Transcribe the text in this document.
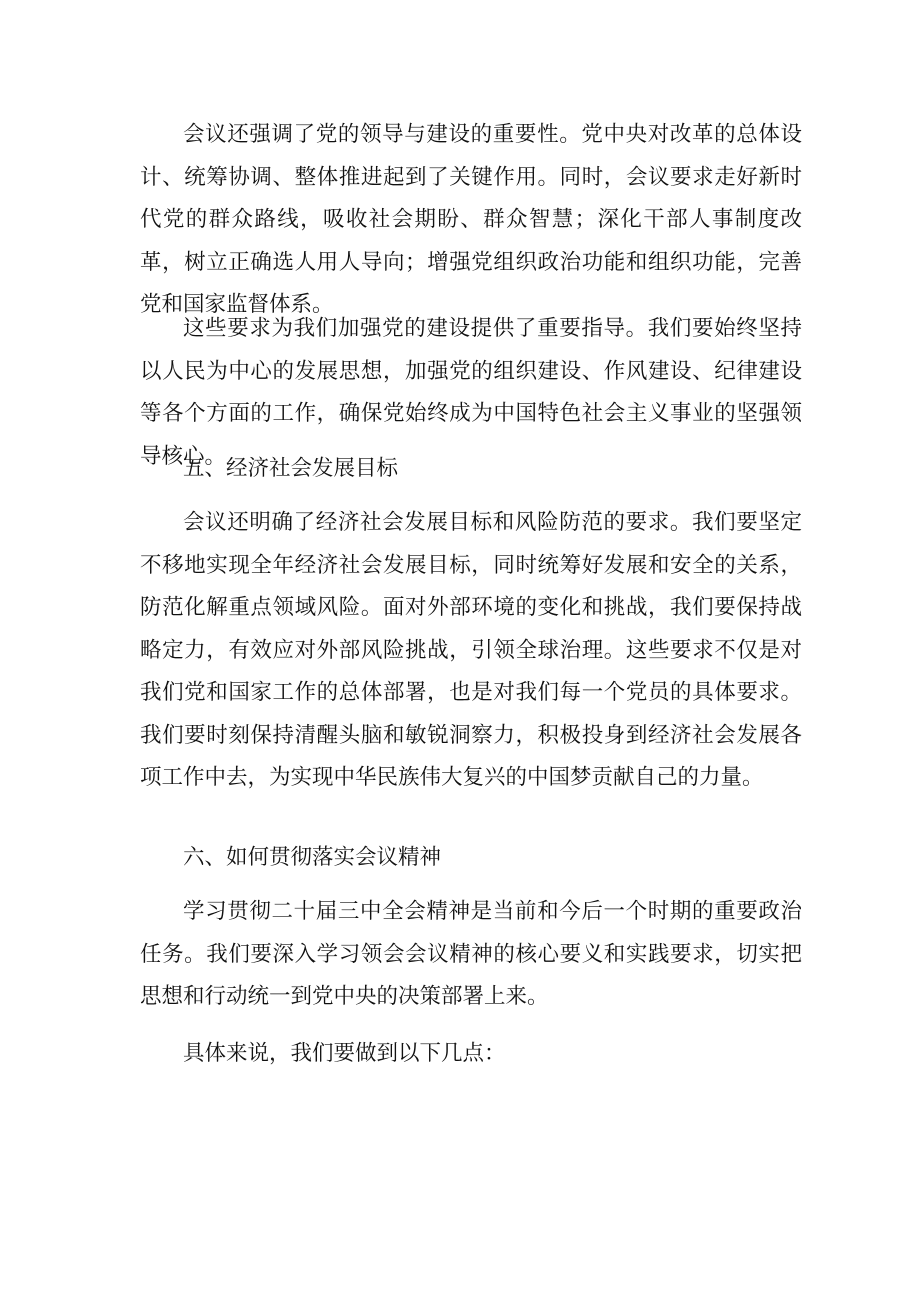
会议还强调了党的领导与建设的重要性。党中央对改革的总体设计、统筹协调、整体推进起到了关键作用。同时，会议要求走好新时代党的群众路线，吸收社会期盼、群众智慧；深化干部人事制度改革，树立正确选人用人导向；增强党组织政治功能和组织功能，完善党和国家监督体系。

这些要求为我们加强党的建设提供了重要指导。我们要始终坚持以人民为中心的发展思想，加强党的组织建设、作风建设、纪律建设等各个方面的工作，确保党始终成为中国特色社会主义事业的坚强领导核心。

五、经济社会发展目标

会议还明确了经济社会发展目标和风险防范的要求。我们要坚定不移地实现全年经济社会发展目标，同时统筹好发展和安全的关系，防范化解重点领域风险。面对外部环境的变化和挑战，我们要保持战略定力，有效应对外部风险挑战，引领全球治理。这些要求不仅是对我们党和国家工作的总体部署，也是对我们每一个党员的具体要求。我们要时刻保持清醒头脑和敏锐洞察力，积极投身到经济社会发展各项工作中去，为实现中华民族伟大复兴的中国梦贡献自己的力量。

六、如何贯彻落实会议精神

学习贯彻二十届三中全会精神是当前和今后一个时期的重要政治任务。我们要深入学习领会会议精神的核心要义和实践要求，切实把思想和行动统一到党中央的决策部署上来。

具体来说，我们要做到以下几点：
